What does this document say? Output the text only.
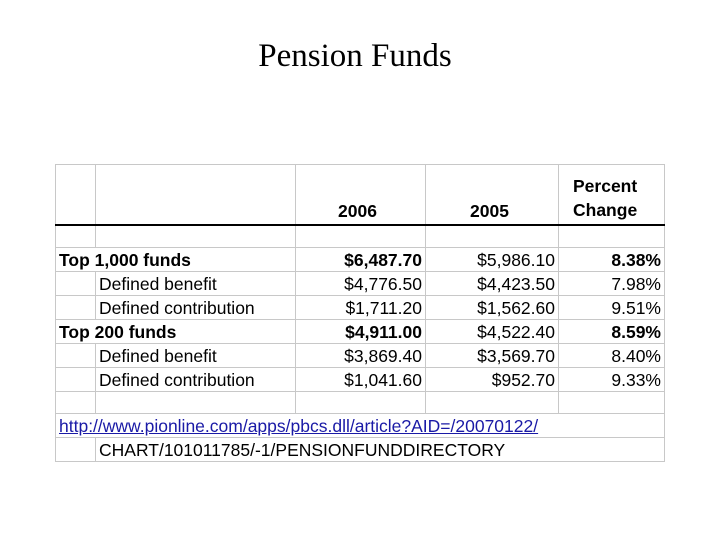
Pension Funds
		2006	2005	Percent
Change

Top 1,000 funds		$6,487.70	$5,986.10	8.38%
	Defined benefit	$4,776.50	$4,423.50	7.98%
	Defined contribution	$1,711.20	$1,562.60	9.51%
Top 200 funds		$4,911.00	$4,522.40	8.59%
	Defined benefit	$3,869.40	$3,569.70	8.40%
	Defined contribution	$1,041.60	$952.70	9.33%

http://www.pionline.com/apps/pbcs.dll/article?AID=/20070122/				
	CHART/101011785/-1/PENSIONFUNDDIRECTORY			
